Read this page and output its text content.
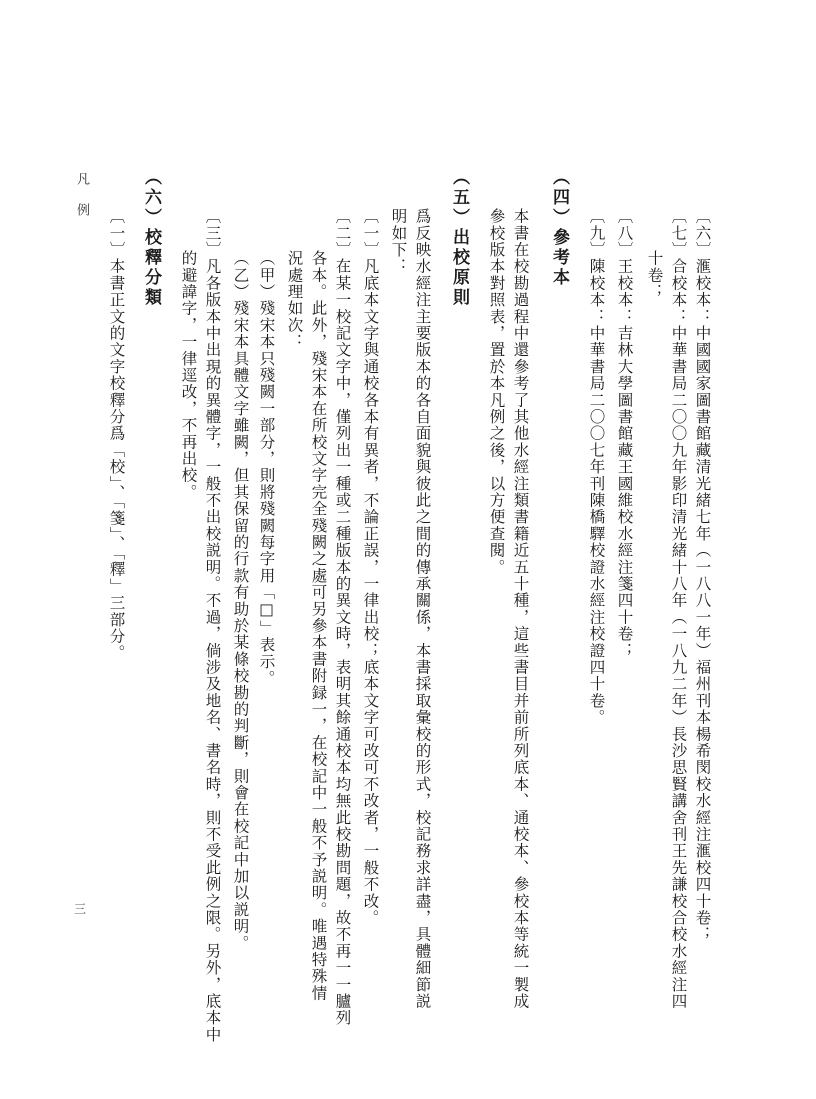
凡例
〔六〕滙校本：中國國家圖書館藏清光緒七年（一八八一年）福州刊本楊希閔校水經注滙校四十卷；
〔七〕合校本：中華書局二〇〇九年影印清光緒十八年（一八九二年）長沙思賢講舍刊王先謙校合校水經注四
十卷；
〔八〕王校本：吉林大學圖書館藏王國維校水經注箋四十卷；
〔九〕陳校本：中華書局二〇〇七年刊陳橋驛校證水經注校證四十卷。
（四）參考本
本書在校勘過程中還參考了其他水經注類書籍近五十種，這些書目并前所列底本、通校本、參校本等統一製成
參校版本對照表，置於本凡例之後，以方便查閱。
（五）出校原則
爲反映水經注主要版本的各自面貌與彼此之間的傳承關係，本書採取彙校的形式，校記務求詳盡，具體細節説
明如下：
〔一〕凡底本文字與通校各本有異者，不論正誤，一律出校；底本文字可改可不改者，一般不改。
〔二〕在某一校記文字中，僅列出一種或二種版本的異文時，表明其餘通校本均無此校勘問題，故不再一一臚列
各本。此外，殘宋本在所校文字完全殘闕之處可另參本書附録一，在校記中一般不予説明。唯遇特殊情
況處理如次：
（甲）殘宋本只殘闕一部分，則將殘闕每字用「□」表示。
（乙）殘宋本具體文字雖闕，但其保留的行款有助於某條校勘的判斷，則會在校記中加以説明。
〔三〕凡各版本中出現的異體字，一般不出校説明。不過，倘涉及地名、書名時，則不受此例之限。另外，底本中
的避諱字，一律逕改，不再出校。
（六）校釋分類
〔一〕本書正文的文字校釋分爲「校」、「箋」、「釋」三部分。
三
